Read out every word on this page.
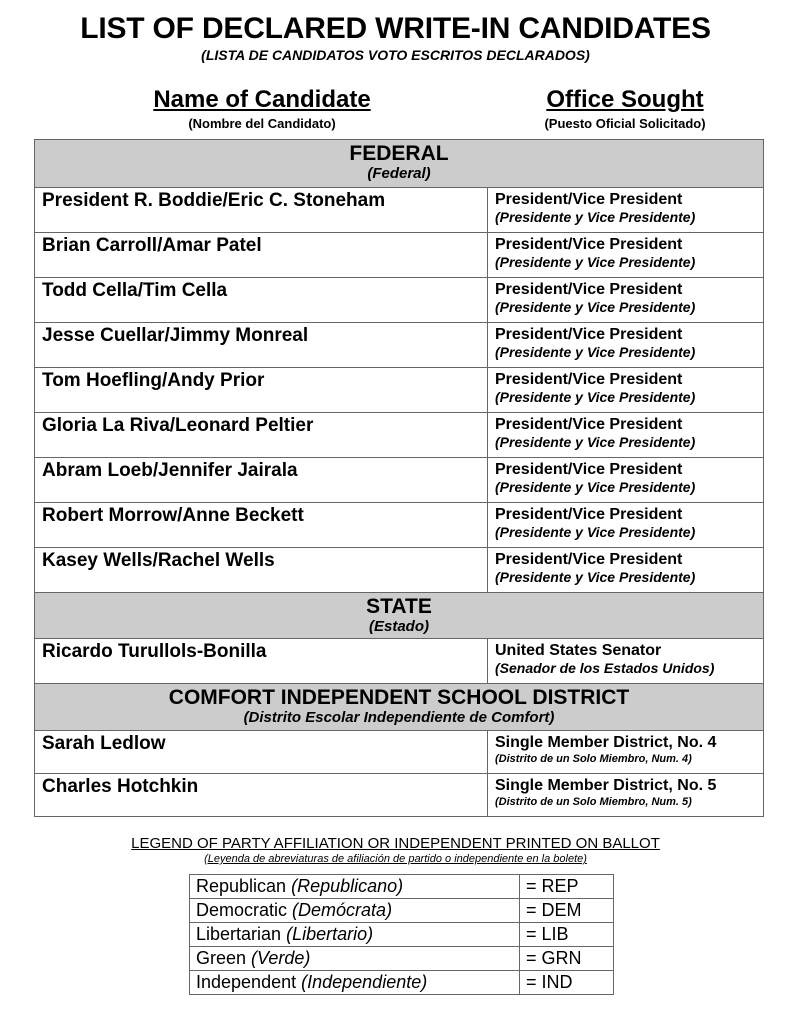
LIST OF DECLARED WRITE-IN CANDIDATES
(LISTA DE CANDIDATOS VOTO ESCRITOS DECLARADOS)
Name of Candidate
(Nombre del Candidato)
Office Sought
(Puesto Oficial Solicitado)
FEDERAL
(Federal)	

President R. Boddie/Eric C. Stoneham	President/Vice President
(Presidente y Vice Presidente)

Brian Carroll/Amar Patel	President/Vice President
(Presidente y Vice Presidente)

Todd Cella/Tim Cella	President/Vice President
(Presidente y Vice Presidente)

Jesse Cuellar/Jimmy Monreal	President/Vice President
(Presidente y Vice Presidente)

Tom Hoefling/Andy Prior	President/Vice President
(Presidente y Vice Presidente)

Gloria La Riva/Leonard Peltier	President/Vice President
(Presidente y Vice Presidente)

Abram Loeb/Jennifer Jairala	President/Vice President
(Presidente y Vice Presidente)

Robert Morrow/Anne Beckett	President/Vice President
(Presidente y Vice Presidente)

Kasey Wells/Rachel Wells	President/Vice President
(Presidente y Vice Presidente)

STATE
(Estado)	

Ricardo Turullols-Bonilla	United States Senator
(Senador de los Estados Unidos)

COMFORT INDEPENDENT SCHOOL DISTRICT
(Distrito Escolar Independiente de Comfort)	

Sarah Ledlow	Single Member District, No. 4
(Distrito de un Solo Miembro, Num. 4)

Charles Hotchkin	Single Member District, No. 5
(Distrito de un Solo Miembro, Num. 5)
LEGEND OF PARTY AFFILIATION OR INDEPENDENT PRINTED ON BALLOT
(Leyenda de abreviaturas de afiliación de partido o independiente en la bolete)
Republican (Republicano)	= REP
Democratic (Demócrata)	= DEM
Libertarian (Libertario)	= LIB
Green (Verde)	= GRN
Independent (Independiente)	= IND
